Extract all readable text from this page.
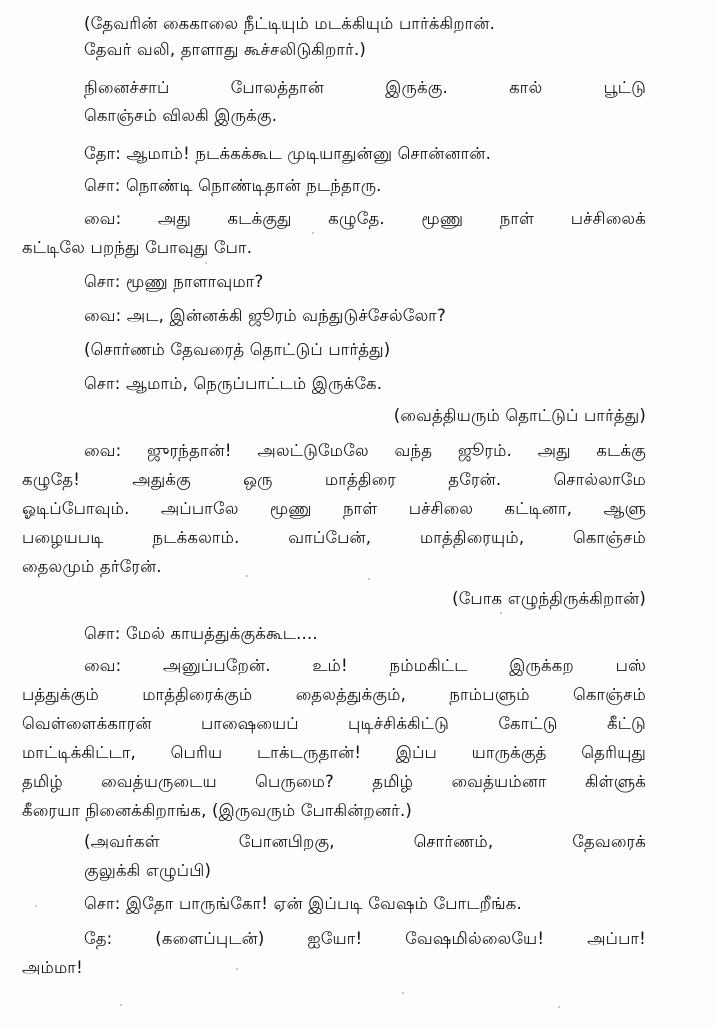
(தேவரின் கைகாலை நீட்டியும் மடக்கியும் பார்க்கிறான்.
தேவர் வலி, தாளாது கூச்சலிடுகிறார்.)
நினைச்சாப் போலத்தான் இருக்கு. கால் பூட்டு
கொஞ்சம் விலகி இருக்கு.
தோ: ஆமாம்! நடக்கக்கூட முடியாதுன்னு சொன்னான்.
சொ: நொண்டி நொண்டிதான் நடந்தாரு.
வை: அது கடக்குது கழுதே. மூணு நாள் பச்சிலைக்
கட்டிலே பறந்து போவுது போ.
சொ: மூணு நாளாவுமா?
வை: அட, இன்னக்கி ஜூரம் வந்துடுச்சேல்லோ?
(சொர்ணம் தேவரைத் தொட்டுப் பார்த்து)
சொ: ஆமாம், நெருப்பாட்டம் இருக்கே.
(வைத்தியரும் தொட்டுப் பார்த்து)
வை: ஜுரந்தான்! அலட்டுமேலே வந்த ஜூரம். அது கடக்கு
கழுதே! அதுக்கு ஒரு மாத்திரை தரேன். சொல்லாமே
ஓடிப்போவும். அப்பாலே மூணு நாள் பச்சிலை கட்டினா, ஆளு
பழையபடி நடக்கலாம். வாப்பேன், மாத்திரையும், கொஞ்சம்
தைலமும் தர்ரேன்.
(போக எழுந்திருக்கிறான்)
சொ: மேல் காயத்துக்குக்கூட....
வை: அனுப்பறேன். உம்! நம்மகிட்ட இருக்கற பஸ்
பத்துக்கும் மாத்திரைக்கும் தைலத்துக்கும், நாம்பளும் கொஞ்சம்
வெள்ளைக்காரன் பாஷையைப் புடிச்சிக்கிட்டு கோட்டு கீட்டு
மாட்டிக்கிட்டா, பெரிய டாக்டருதான்! இப்ப யாருக்குத் தெரியுது
தமிழ் வைத்யருடைய பெருமை? தமிழ் வைத்யம்னா கிள்ளுக்
கீரையா நினைக்கிறாங்க, (இருவரும் போகின்றனர்.)
(அவர்கள் போனபிறகு, சொர்ணம், தேவரைக்
குலுக்கி எழுப்பி)
சொ: இதோ பாருங்கோ! ஏன் இப்படி வேஷம் போடறீங்க.
தே: (களைப்புடன்) ஐயோ! வேஷமில்லையே! அப்பா!
அம்மா!
